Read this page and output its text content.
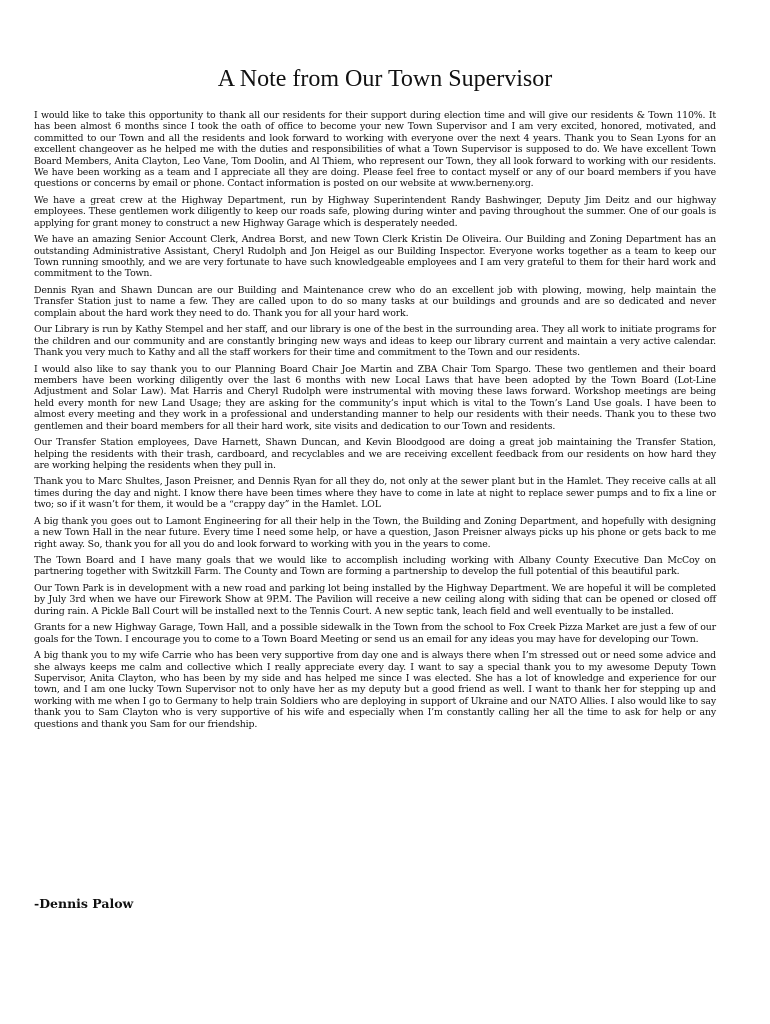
A Note from Our Town Supervisor

I would like to take this opportunity to thank all our residents for their support during election time and will give our residents & Town 110%. It has been almost 6 months since I took the oath of office to become your new Town Supervisor and I am very excited, honored, motivated, and committed to our Town and all the residents and look forward to working with everyone over the next 4 years. Thank you to Sean Lyons for an excellent changeover as he helped me with the duties and responsibilities of what a Town Supervisor is supposed to do. We have excellent Town Board Members, Anita Clayton, Leo Vane, Tom Doolin, and Al Thiem, who represent our Town, they all look forward to working with our residents. We have been working as a team and I appreciate all they are doing. Please feel free to contact myself or any of our board members if you have questions or concerns by email or phone. Contact information is posted on our website at www.berneny.org.

We have a great crew at the Highway Department, run by Highway Superintendent Randy Bashwinger, Deputy Jim Deitz and our highway employees. These gentlemen work diligently to keep our roads safe, plowing during winter and paving throughout the summer. One of our goals is applying for grant money to construct a new Highway Garage which is desperately needed.

We have an amazing Senior Account Clerk, Andrea Borst, and new Town Clerk Kristin De Oliveira. Our Building and Zoning Department has an outstanding Administrative Assistant, Cheryl Rudolph and Jon Heigel as our Building Inspector. Everyone works together as a team to keep our Town running smoothly, and we are very fortunate to have such knowledgeable employees and I am very grateful to them for their hard work and commitment to the Town.

Dennis Ryan and Shawn Duncan are our Building and Maintenance crew who do an excellent job with plowing, mowing, help maintain the Transfer Station just to name a few. They are called upon to do so many tasks at our buildings and grounds and are so dedicated and never complain about the hard work they need to do. Thank you for all your hard work.

Our Library is run by Kathy Stempel and her staff, and our library is one of the best in the surrounding area. They all work to initiate programs for the children and our community and are constantly bringing new ways and ideas to keep our library current and maintain a very active calendar. Thank you very much to Kathy and all the staff workers for their time and commitment to the Town and our residents.

I would also like to say thank you to our Planning Board Chair Joe Martin and ZBA Chair Tom Spargo. These two gentlemen and their board members have been working diligently over the last 6 months with new Local Laws that have been adopted by the Town Board (Lot-Line Adjustment and Solar Law). Mat Harris and Cheryl Rudolph were instrumental with moving these laws forward. Workshop meetings are being held every month for new Land Usage; they are asking for the community’s input which is vital to the Town’s Land Use goals. I have been to almost every meeting and they work in a professional and understanding manner to help our residents with their needs. Thank you to these two gentlemen and their board members for all their hard work, site visits and dedication to our Town and residents.

Our Transfer Station employees, Dave Harnett, Shawn Duncan, and Kevin Bloodgood are doing a great job maintaining the Transfer Station, helping the residents with their trash, cardboard, and recyclables and we are receiving excellent feedback from our residents on how hard they are working helping the residents when they pull in.

Thank you to Marc Shultes, Jason Preisner, and Dennis Ryan for all they do, not only at the sewer plant but in the Hamlet. They receive calls at all times during the day and night. I know there have been times where they have to come in late at night to replace sewer pumps and to fix a line or two; so if it wasn’t for them, it would be a “crappy day” in the Hamlet. LOL

A big thank you goes out to Lamont Engineering for all their help in the Town, the Building and Zoning Department, and hopefully with designing a new Town Hall in the near future. Every time I need some help, or have a question, Jason Preisner always picks up his phone or gets back to me right away. So, thank you for all you do and look forward to working with you in the years to come.

The Town Board and I have many goals that we would like to accomplish including working with Albany County Executive Dan McCoy on partnering together with Switzkill Farm. The County and Town are forming a partnership to develop the full potential of this beautiful park.

Our Town Park is in development with a new road and parking lot being installed by the Highway Department. We are hopeful it will be completed by July 3rd when we have our Firework Show at 9P.M. The Pavilion will receive a new ceiling along with siding that can be opened or closed off during rain. A Pickle Ball Court will be installed next to the Tennis Court. A new septic tank, leach field and well eventually to be installed.

Grants for a new Highway Garage, Town Hall, and a possible sidewalk in the Town from the school to Fox Creek Pizza Market are just a few of our goals for the Town. I encourage you to come to a Town Board Meeting or send us an email for any ideas you may have for developing our Town.

A big thank you to my wife Carrie who has been very supportive from day one and is always there when I’m stressed out or need some advice and she always keeps me calm and collective which I really appreciate every day. I want to say a special thank you to my awesome Deputy Town Supervisor, Anita Clayton, who has been by my side and has helped me since I was elected. She has a lot of knowledge and experience for our town, and I am one lucky Town Supervisor not to only have her as my deputy but a good friend as well. I want to thank her for stepping up and working with me when I go to Germany to help train Soldiers who are deploying in support of Ukraine and our NATO Allies. I also would like to say thank you to Sam Clayton who is very supportive of his wife and especially when I’m constantly calling her all the time to ask for help or any questions and thank you Sam for our friendship.

-Dennis Palow
